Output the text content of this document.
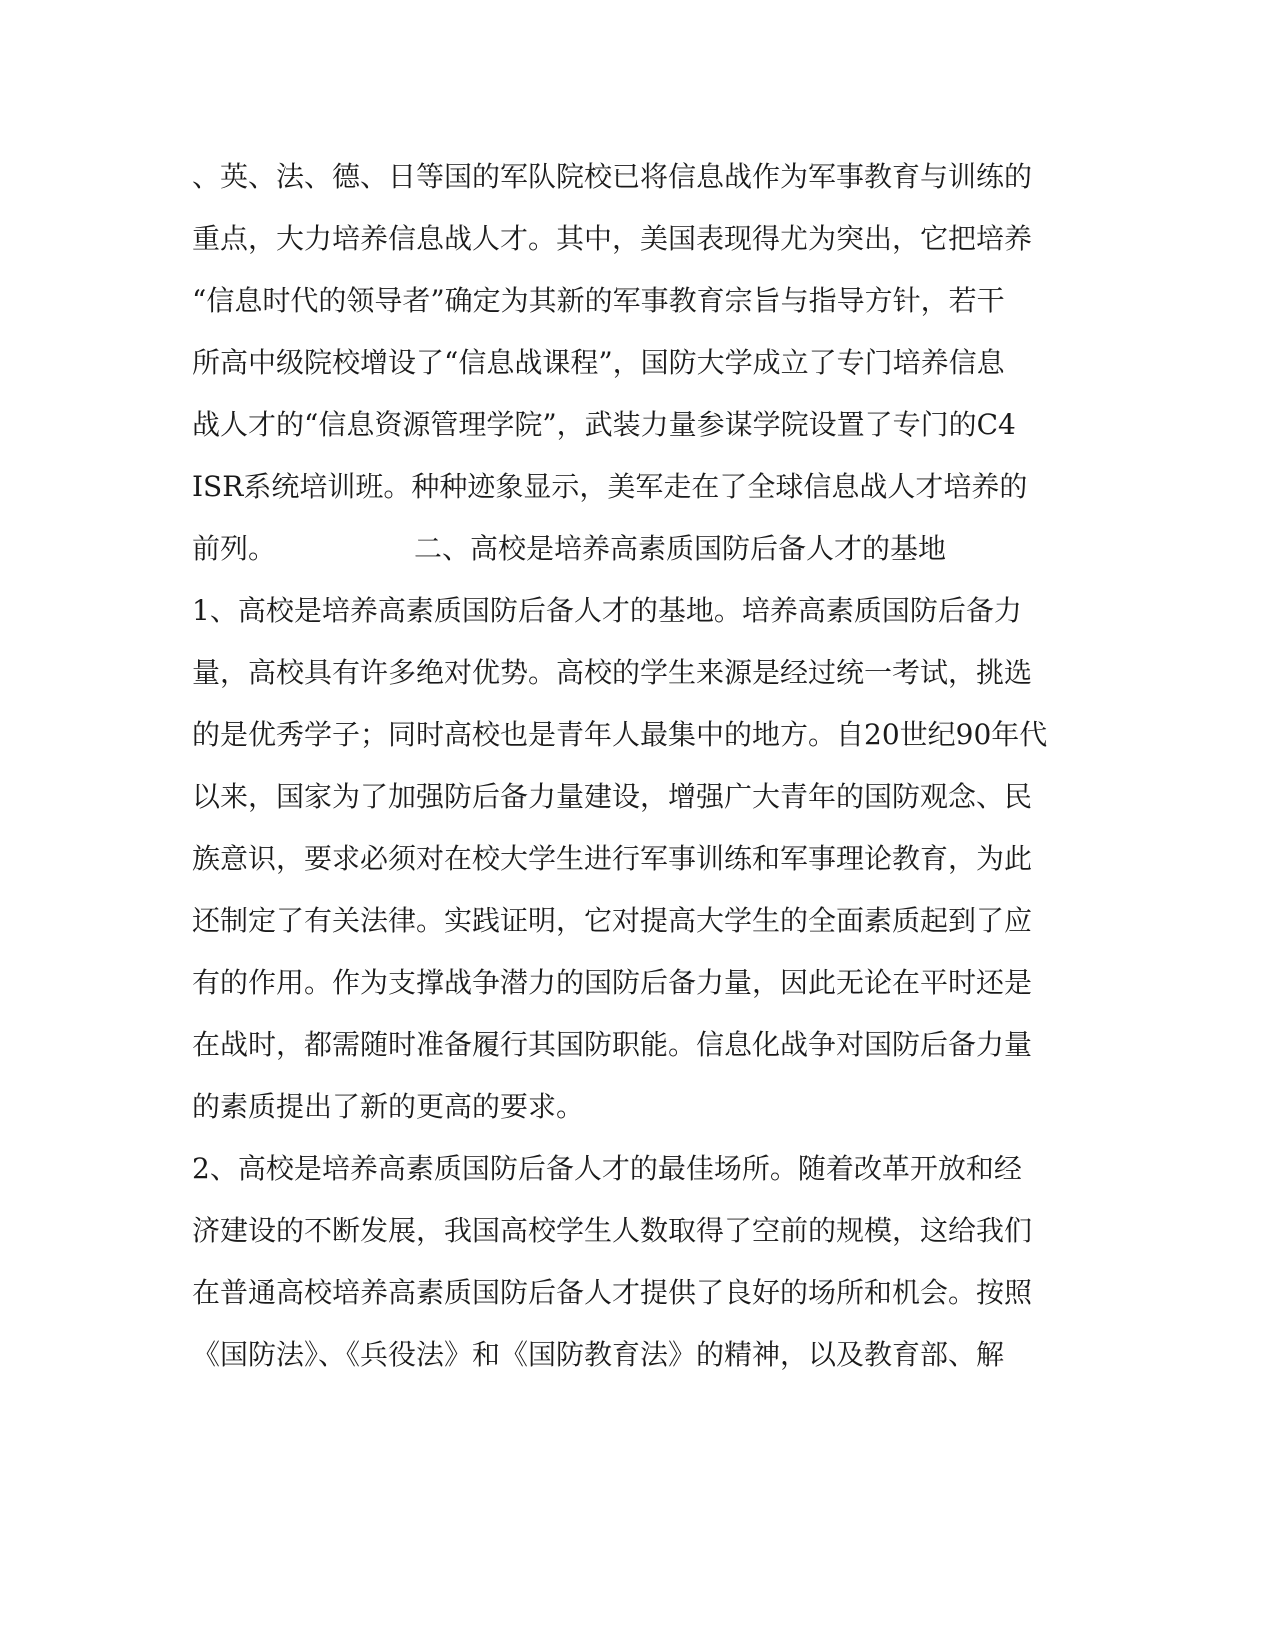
、英、法、德、日等国的军队院校已将信息战作为军事教育与训练的
重点，大力培养信息战人才。其中，美国表现得尤为突出，它把培养
“信息时代的领导者”确定为其新的军事教育宗旨与指导方针，若干
所高中级院校增设了“信息战课程”，国防大学成立了专门培养信息
战人才的“信息资源管理学院”，武装力量参谋学院设置了专门的C4
ISR系统培训班。种种迹象显示，美军走在了全球信息战人才培养的
前列。	二、高校是培养高素质国防后备人才的基地
1、高校是培养高素质国防后备人才的基地。培养高素质国防后备力
量，高校具有许多绝对优势。高校的学生来源是经过统一考试，挑选
的是优秀学子；同时高校也是青年人最集中的地方。自20世纪90年代
以来，国家为了加强防后备力量建设，增强广大青年的国防观念、民
族意识，要求必须对在校大学生进行军事训练和军事理论教育，为此
还制定了有关法律。实践证明，它对提高大学生的全面素质起到了应
有的作用。作为支撑战争潜力的国防后备力量，因此无论在平时还是
在战时，都需随时准备履行其国防职能。信息化战争对国防后备力量
的素质提出了新的更高的要求。
2、高校是培养高素质国防后备人才的最佳场所。随着改革开放和经
济建设的不断发展，我国高校学生人数取得了空前的规模，这给我们
在普通高校培养高素质国防后备人才提供了良好的场所和机会。按照
《国防法》、《兵役法》和《国防教育法》的精神，以及教育部、解
